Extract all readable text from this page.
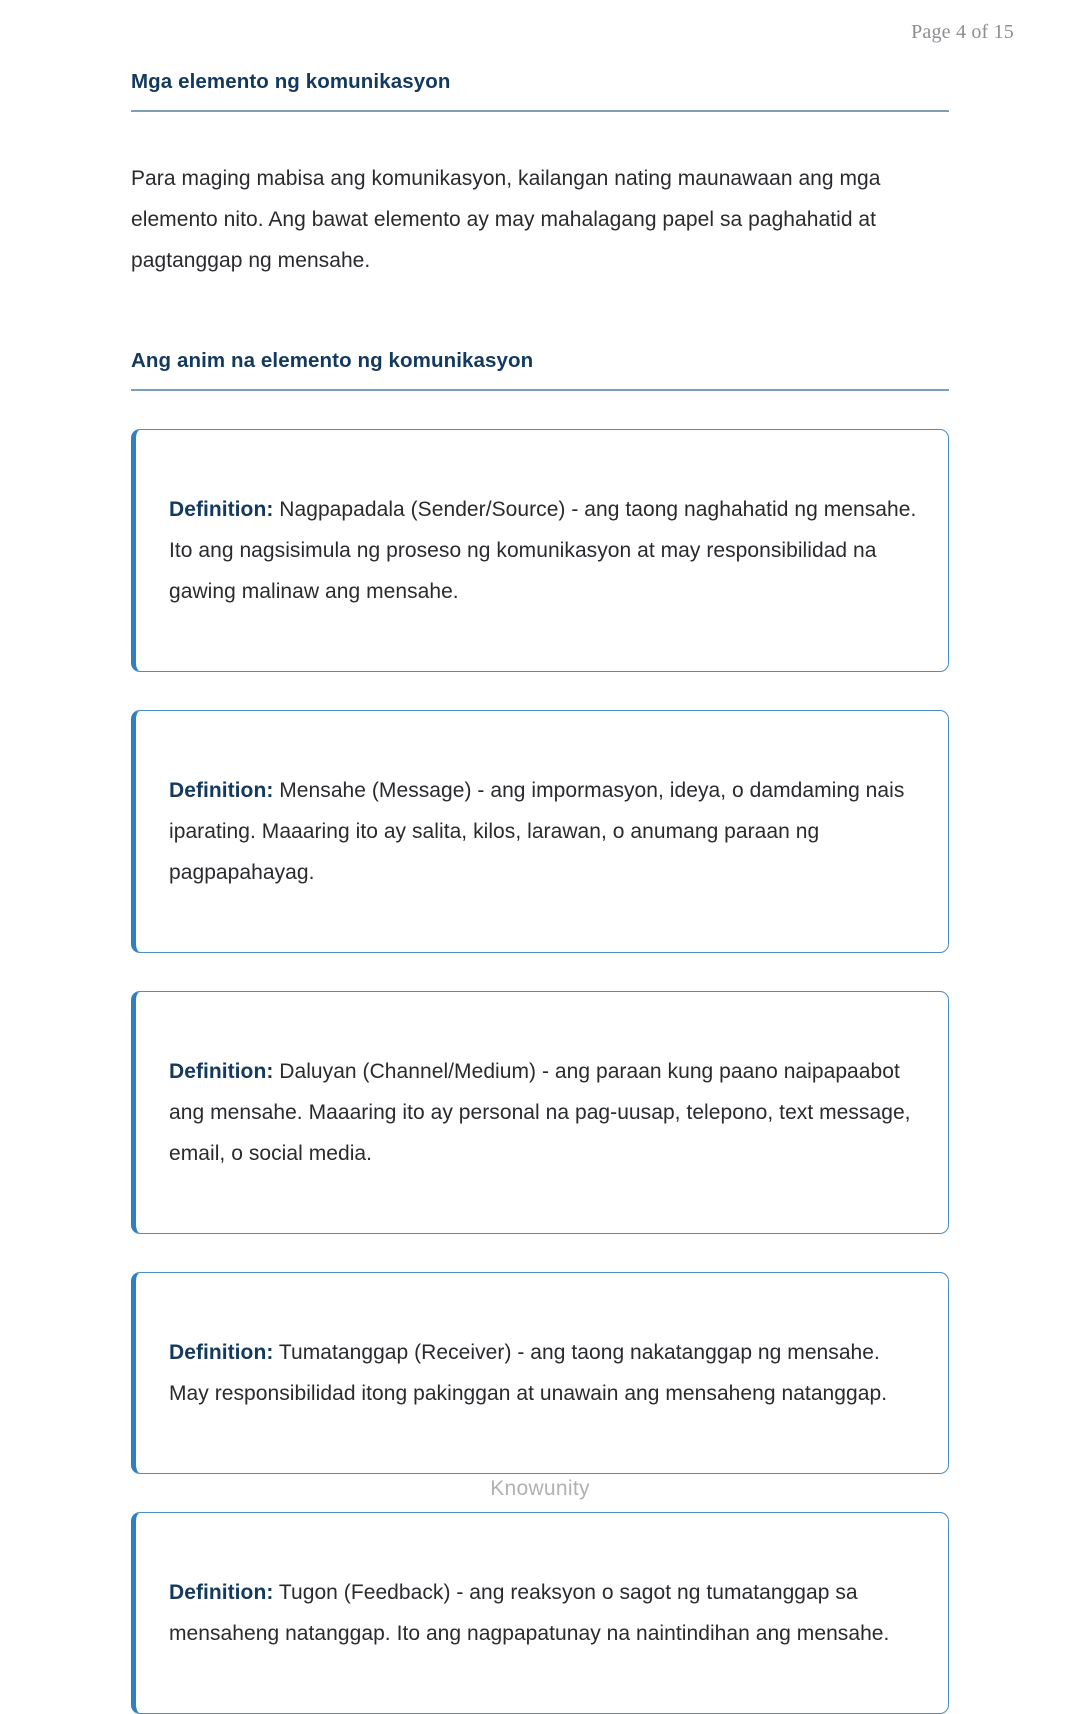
Page 4 of 15
Mga elemento ng komunikasyon

Para maging mabisa ang komunikasyon, kailangan nating maunawaan ang mga elemento nito. Ang bawat elemento ay may mahalagang papel sa paghahatid at pagtanggap ng mensahe.

Ang anim na elemento ng komunikasyon

Definition: Nagpapadala (Sender/Source) - ang taong naghahatid ng mensahe. Ito ang nagsisimula ng proseso ng komunikasyon at may responsibilidad na gawing malinaw ang mensahe.

Definition: Mensahe (Message) - ang impormasyon, ideya, o damdaming nais iparating. Maaaring ito ay salita, kilos, larawan, o anumang paraan ng pagpapahayag.

Definition: Daluyan (Channel/Medium) - ang paraan kung paano naipapaabot ang mensahe. Maaaring ito ay personal na pag-uusap, telepono, text message, email, o social media.

Definition: Tumatanggap (Receiver) - ang taong nakatanggap ng mensahe. May responsibilidad itong pakinggan at unawain ang mensaheng natanggap.

Definition: Tugon (Feedback) - ang reaksyon o sagot ng tumatanggap sa mensaheng natanggap. Ito ang nagpapatunay na naintindihan ang mensahe.

Knowunity
